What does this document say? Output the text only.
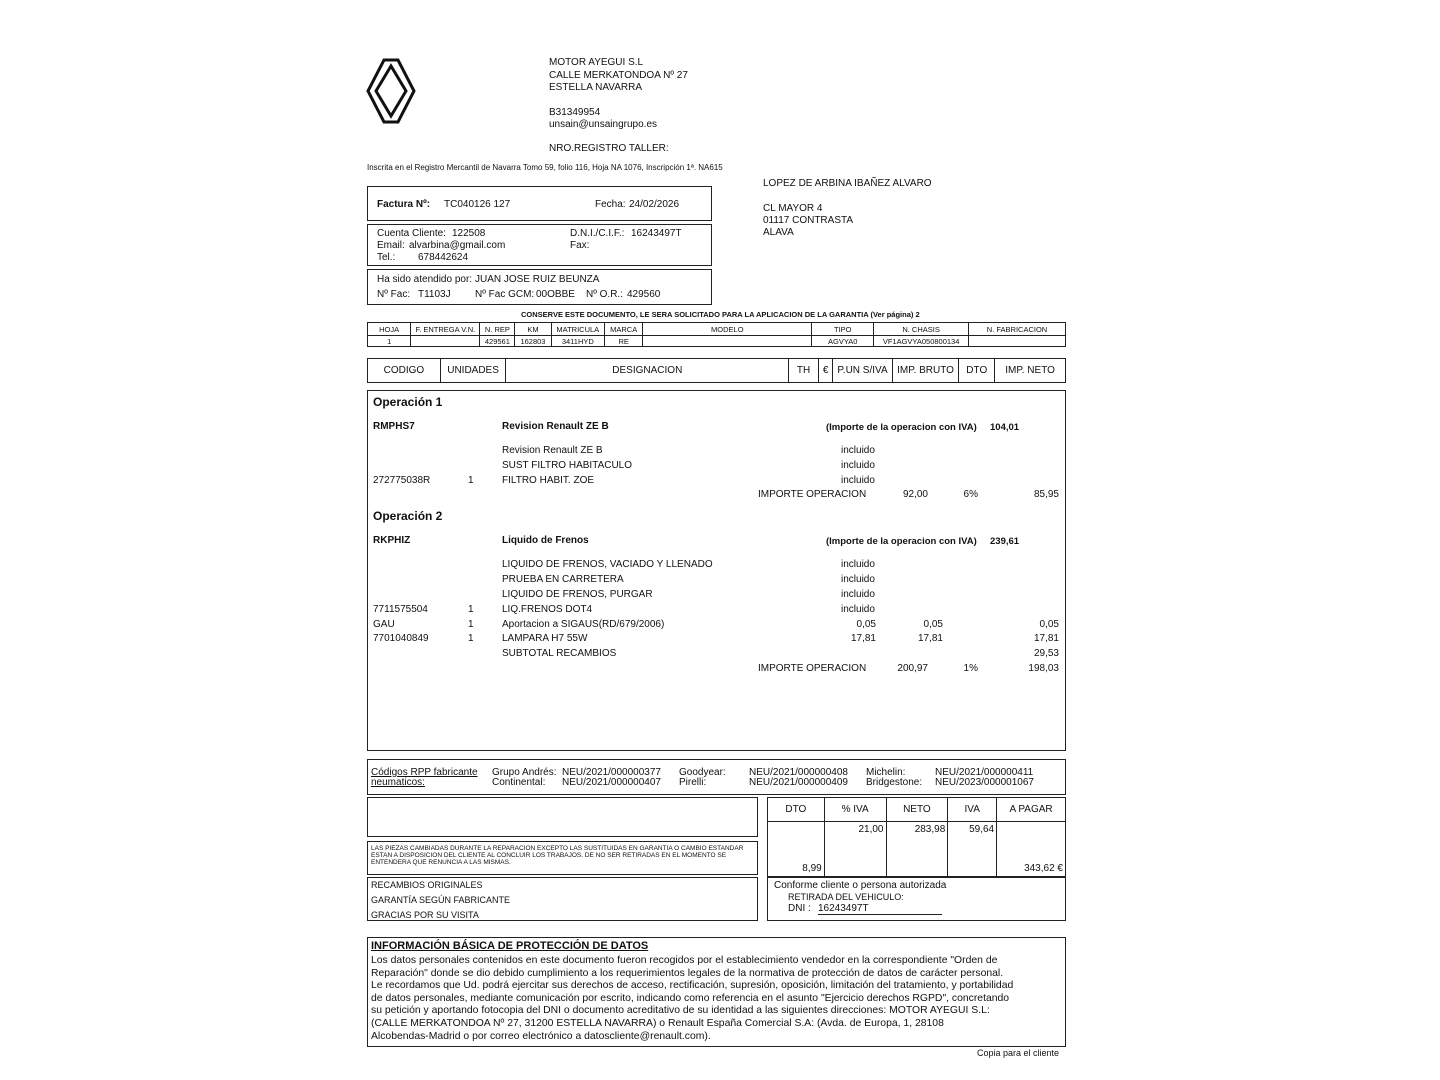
MOTOR AYEGUI S.L
CALLE MERKATONDOA Nº 27
ESTELLA NAVARRA
B31349954
unsain@unsaingrupo.es
NRO.REGISTRO TALLER:
Inscrita en el Registro Mercantil de Navarra Tomo 59, folio 116, Hoja NA 1076, Inscripción 1ª. NA615
LOPEZ DE ARBINA IBAÑEZ ALVARO
CL MAYOR 4
01117 CONTRASTA
ALAVA
Factura Nº: TC040126 127	Fecha: 24/02/2026
Cuenta Cliente: 122508	D.N.I./C.I.F.: 16243497T
Email: alvarbina@gmail.com	Fax:
Tel.: 678442624
Ha sido atendido por: JUAN JOSE RUIZ BEUNZA
Nº Fac: T1103J Nº Fac GCM: 00OBBE Nº O.R.: 429560
CONSERVE ESTE DOCUMENTO, LE SERA SOLICITADO PARA LA APLICACION DE LA GARANTIA (Ver página) 2
HOJA	F. ENTREGA V.N.	N. REP	KM	MATRICULA	MARCA	MODELO	TIPO	N. CHASIS	N. FABRICACION
1		429561	162803	3411HYD	RE		AGVYA0	VF1AGVYA050800134	
CODIGO	UNIDADES	DESIGNACION	TH	€	P.UN S/IVA	IMP. BRUTO	DTO	IMP. NETO
Operación 1
RMPHS7	Revision Renault ZE B	(Importe de la operacion con IVA) 104,01
Revision Renault ZE B	incluido
SUST FILTRO HABITACULO	incluido
272775038R	1	FILTRO HABIT. ZOE	incluido
IMPORTE OPERACION	92,00	6%	85,95
Operación 2
RKPHIZ	Liquido de Frenos	(Importe de la operacion con IVA) 239,61
LIQUIDO DE FRENOS, VACIADO Y LLENADO	incluido
PRUEBA EN CARRETERA	incluido
LIQUIDO DE FRENOS, PURGAR	incluido
7711575504	1	LIQ.FRENOS DOT4	incluido
GAU	1	Aportacion a SIGAUS(RD/679/2006)	0,05	0,05	0,05
7701040849	1	LAMPARA H7 55W	17,81	17,81	17,81
SUBTOTAL RECAMBIOS	29,53
IMPORTE OPERACION	200,97	1%	198,03
Códigos RPP fabricante
neumaticos:
Grupo Andrés: NEU/2021/000000377
Continental: NEU/2021/000000407
Goodyear: NEU/2021/000000408
Pirelli:	NEU/2021/000000409
Michelin:	NEU/2021/000000411
Bridgestone: NEU/2023/000001067
LAS PIEZAS CAMBIADAS DURANTE LA REPARACION EXCEPTO LAS SUSTITUIDAS EN GARANTIA O CAMBIO ESTANDAR ESTAN A DISPOSICION DEL CLIENTE AL CONCLUIR LOS TRABAJOS. DE NO SER RETIRADAS EN EL MOMENTO SE ENTENDERA QUE RENUNCIA A LAS MISMAS.
DTO	% IVA	NETO	IVA	A PAGAR
8,99	21,00	283,98	59,64	343,62 €
RECAMBIOS ORIGINALES
GARANTÍA SEGÚN FABRICANTE
GRACIAS POR SU VISITA
Conforme cliente o persona autorizada
RETIRADA DEL VEHICULO:
DNI : 16243497T
INFORMACIÓN BÁSICA DE PROTECCIÓN DE DATOS
Los datos personales contenidos en este documento fueron recogidos por el establecimiento vendedor en la correspondiente "Orden de
Reparación" donde se dio debido cumplimiento a los requerimientos legales de la normativa de protección de datos de carácter personal.
Le recordamos que Ud. podrá ejercitar sus derechos de acceso, rectificación, supresión, oposición, limitación del tratamiento, y portabilidad
de datos personales, mediante comunicación por escrito, indicando como referencia en el asunto "Ejercicio derechos RGPD", concretando
su petición y aportando fotocopia del DNI o documento acreditativo de su identidad a las siguientes direcciones: MOTOR AYEGUI S.L:
(CALLE MERKATONDOA Nº 27, 31200 ESTELLA NAVARRA) o Renault España Comercial S.A: (Avda. de Europa, 1, 28108
Alcobendas-Madrid o por correo electrónico a datoscliente@renault.com).
Copia para el cliente
